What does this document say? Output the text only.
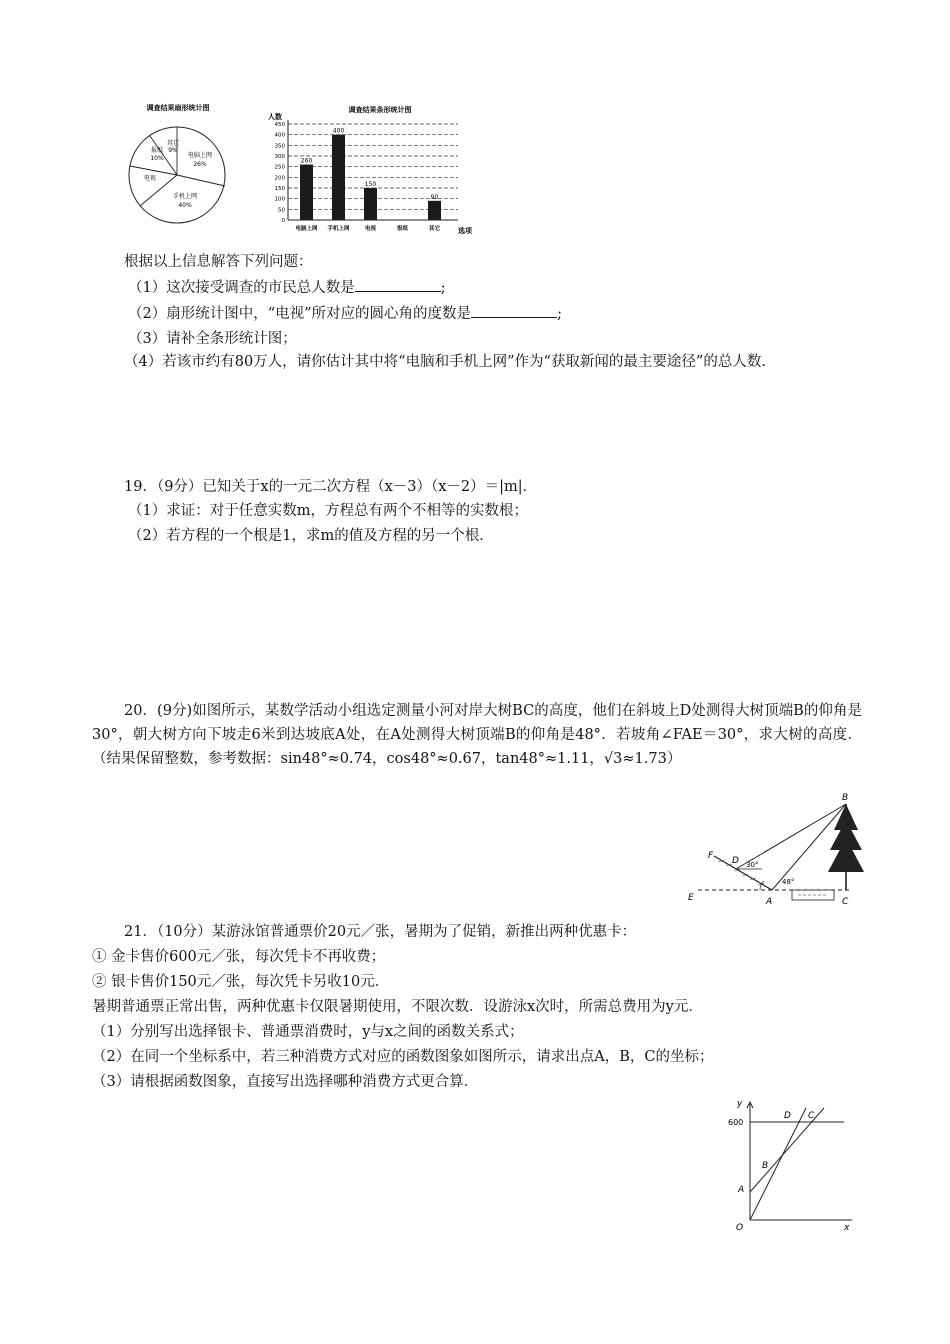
调查结果扇形统计图
电脑上网
26%
手机上网
40%
电视
报纸
10%
其它
9%
调查结果条形统计图
人数
选项
0
50
100
150
200
250
300
350
400
450
260
400
150
90
电脑上网 手机上网	电视	报纸	其它
根据以上信息解答下列问题：
（1）这次接受调查的市民总人数是	;
（2）扇形统计图中，“电视”所对应的圆心角的度数是	;
（3）请补全条形统计图；
（4）若该市约有80万人，请你估计其中将“电脑和手机上网”作为“获取新闻的最主要途径”的总人数.
19．（9分）已知关于x的一元二次方程（x－3）（x－2）＝|m|．
（1）求证：对于任意实数m，方程总有两个不相等的实数根；
（2）若方程的一个根是1，求m的值及方程的另一个根．
20．(9分)如图所示，某数学活动小组选定测量小河对岸大树BC的高度，他们在斜坡上D处测得大树顶端B的仰角是30°，朝大树方向下坡走6米到达坡底A处，在A处测得大树顶端B的仰角是48°．若坡角∠FAE＝30°，求大树的高度．（结果保留整数，参考数据：sin48°≈0.74，cos48°≈0.67，tan48°≈1.11，√3≈1.73）
30°
48°
B
F D
E	A	C
21．（10分）某游泳馆普通票价20元／张，暑期为了促销，新推出两种优惠卡：
① 金卡售价600元／张，每次凭卡不再收费；
② 银卡售价150元／张，每次凭卡另收10元．
暑期普通票正常出售，两种优惠卡仅限暑期使用，不限次数．设游泳x次时，所需总费用为y元．
（1）分别写出选择银卡、普通票消费时，y与x之间的函数关系式；
（2）在同一个坐标系中，若三种消费方式对应的函数图象如图所示，请求出点A，B，C的坐标；
（3）请根据函数图象，直接写出选择哪种消费方式更合算．
y
x
O
600
A
B
D C
